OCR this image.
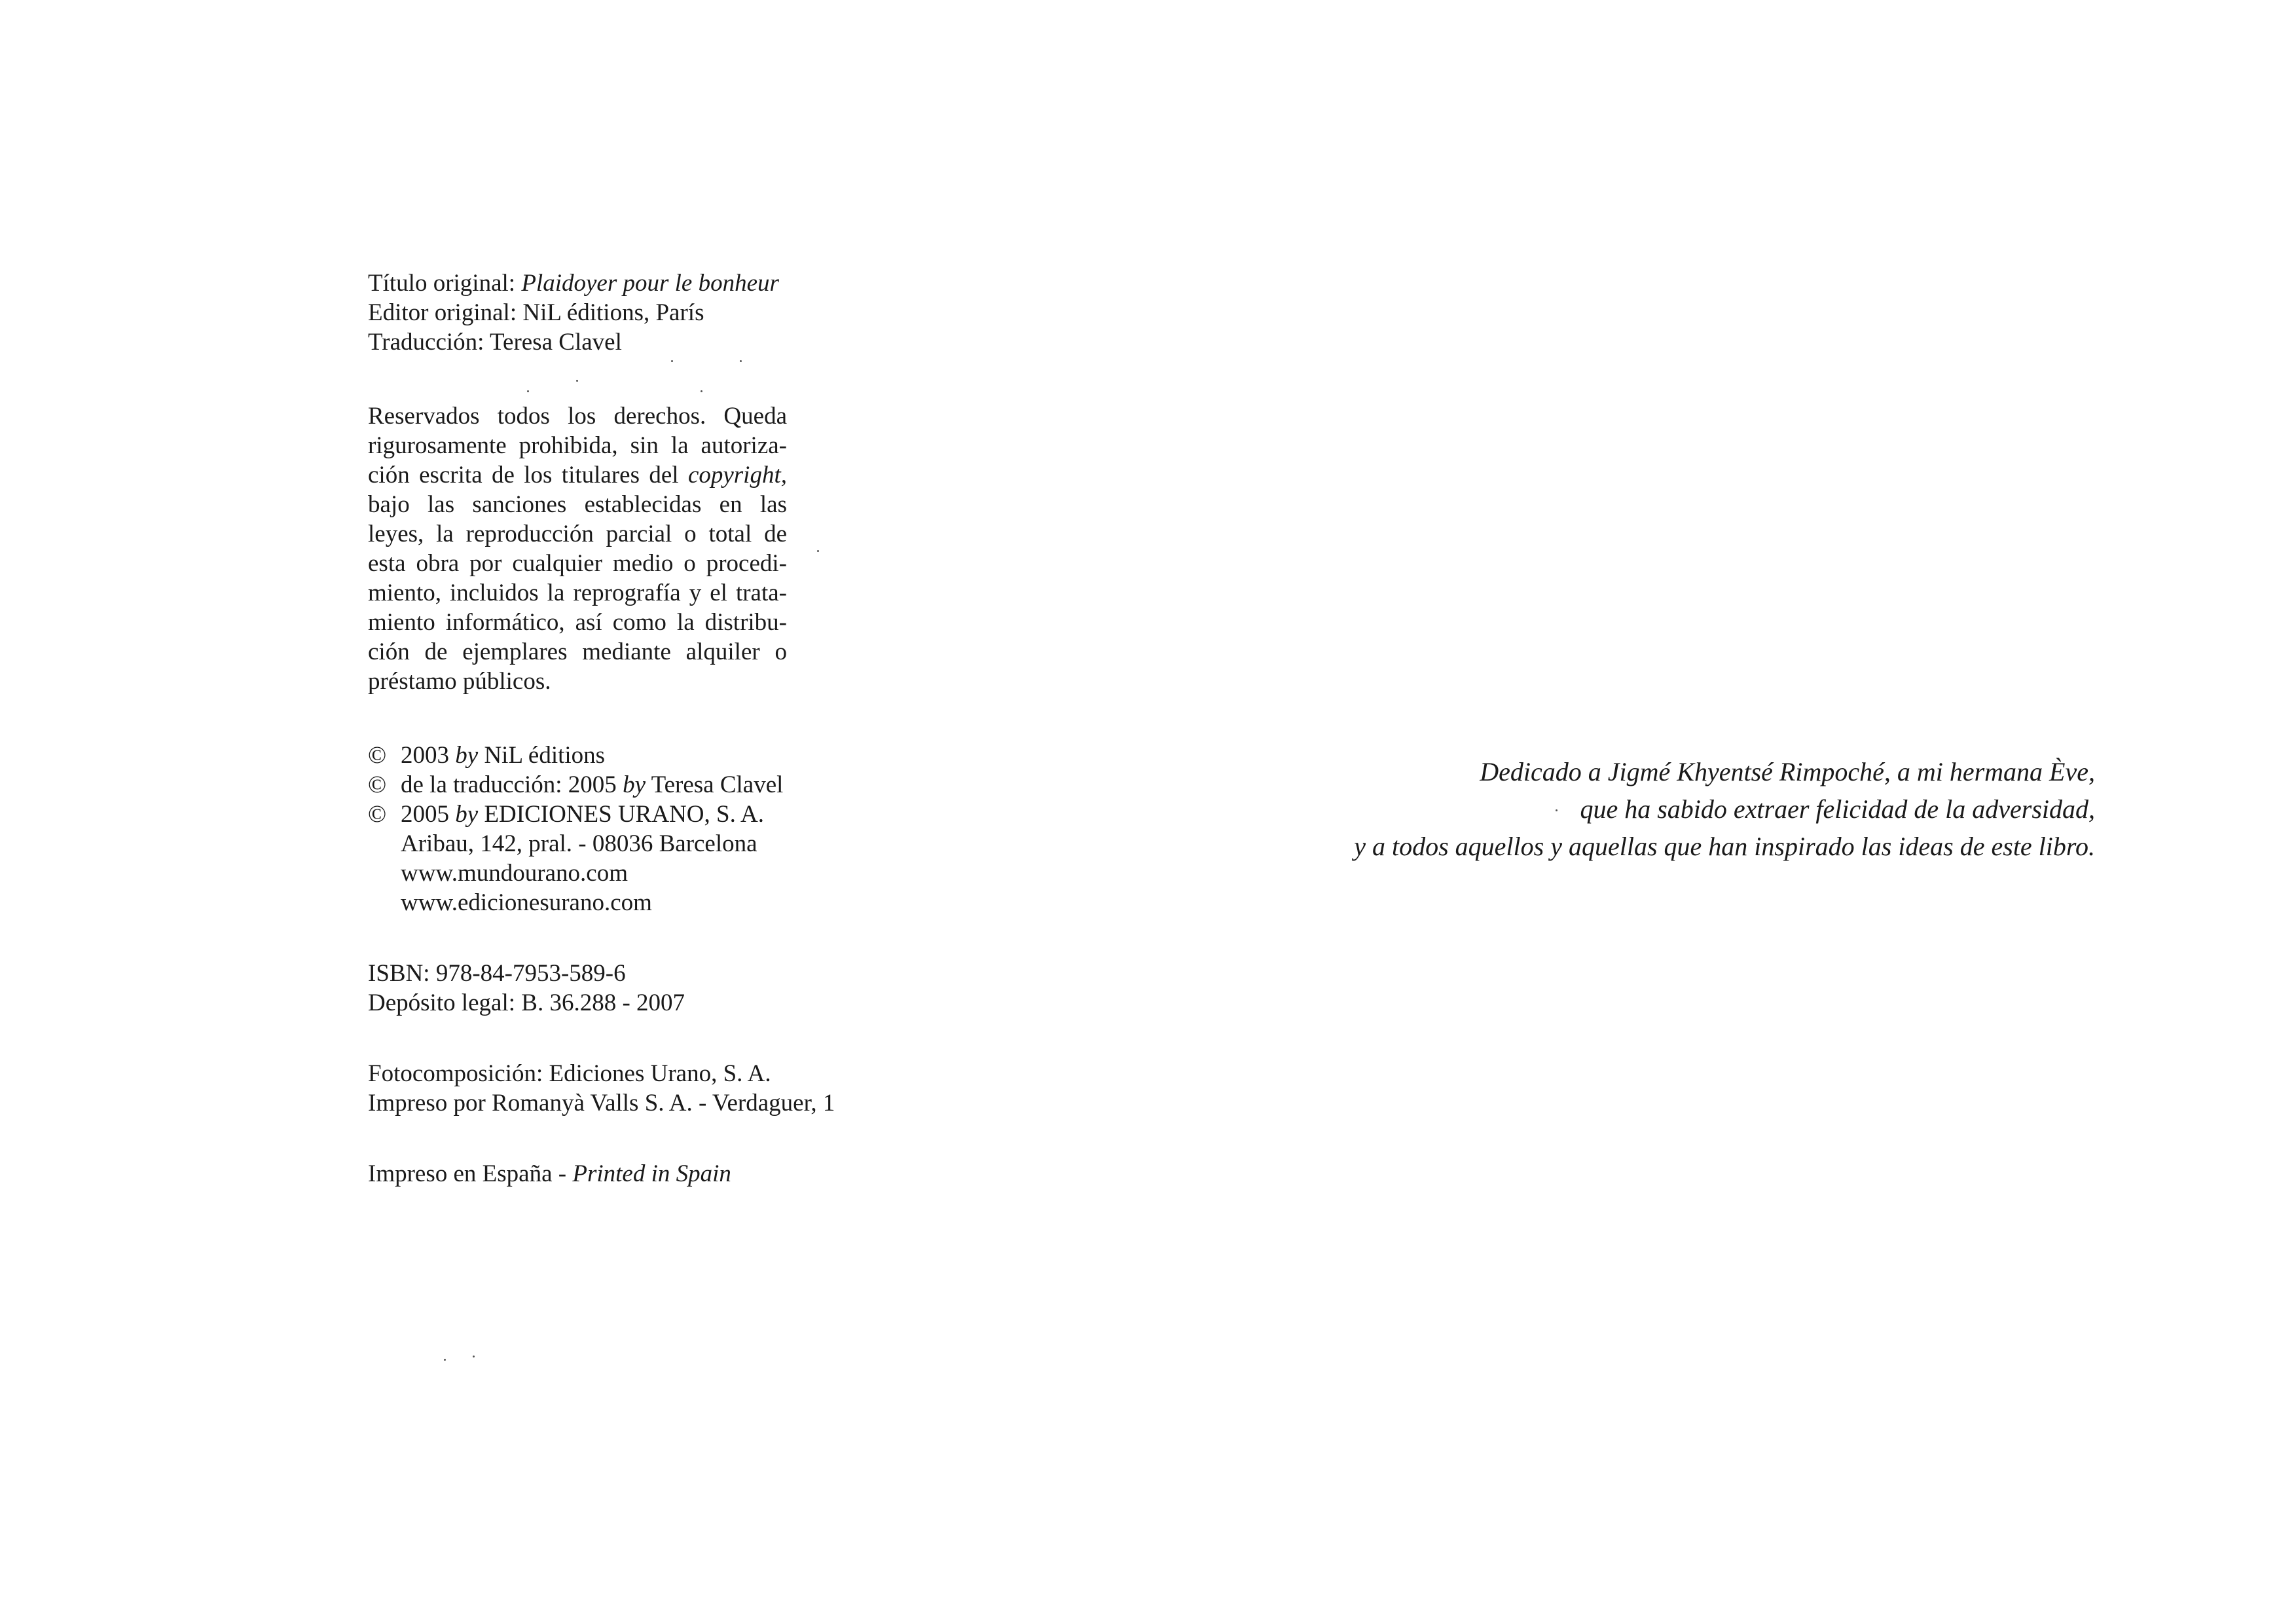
Título original: Plaidoyer pour le bonheur
Editor original: NiL éditions, París
Traducción: Teresa Clavel
Reservados todos los derechos. Queda
rigurosamente prohibida, sin la autoriza-
ción escrita de los titulares del copyright,
bajo las sanciones establecidas en las
leyes, la reproducción parcial o total de
esta obra por cualquier medio o procedi-
miento, incluidos la reprografía y el trata-
miento informático, así como la distribu-
ción de ejemplares mediante alquiler o
préstamo públicos.
© 2003 by NiL éditions
© de la traducción: 2005 by Teresa Clavel
© 2005 by EDICIONES URANO, S. A.
Aribau, 142, pral. - 08036 Barcelona
www.mundourano.com
www.edicionesurano.com
ISBN: 978-84-7953-589-6
Depósito legal: B. 36.288 - 2007
Fotocomposición: Ediciones Urano, S. A.
Impreso por Romanyà Valls S. A. - Verdaguer, 1
Impreso en España - Printed in Spain
Dedicado a Jigmé Khyentsé Rimpoché, a mi hermana Ève,
que ha sabido extraer felicidad de la adversidad,
y a todos aquellos y aquellas que han inspirado las ideas de este libro.
